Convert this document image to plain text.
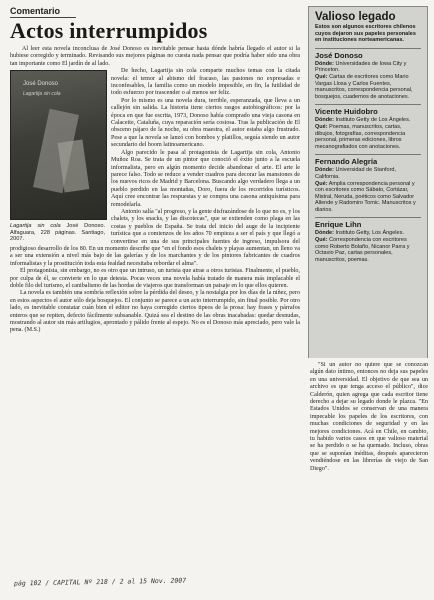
Comentario
Actos interrumpidos

Al leer esta novela inconclusa de José Donoso es inevitable pensar hasta dónde habría llegado el autor si la hubiese corregido y terminado. Revisando sus mejores páginas no cuesta nada pensar que podría haber sido una obra tan importante como El jardín de al lado.

José Donoso
Lagartija sin cola
Lagartija sin cola José Donoso. Alfaguara, 228 páginas. Santiago, 2007.

De hecho, Lagartija sin cola comparte muchos temas con la citada novela: el temor al abismo del fracaso, las pasiones no expresadas e inconfesables, la familia como un modelo imposible, en fin, la futilidad de todo esfuerzo por trascender o al menos ser feliz.

Por lo mismo es una novela dura, terrible, esperanzada, que lleva a un callejón sin salida. La historia tiene ciertos rasgos autobiográficos: por la época en que fue escrita, 1973, Donoso había comprado una vieja casona en Calaceite, Cataluña, cuya reparación sería costosa. Tras la publicación de El obsceno pájaro de la noche, su obra maestra, el autor estaba algo frustrado. Pese a que la novela se lanzó con bombos y platillos, seguía siendo un autor secundario del boom latinoamericano.

Algo parecido le pasa al protagonista de Lagartija sin cola, Antonio Muñoz Roa. Se trata de un pintor que conoció el éxito junto a la escuela informalista, pero en algún momento decide abandonar el arte. El arte le parece falso. Todo se reduce a vender cuadros para decorar las mansiones de los nuevos ricos de Madrid y Barcelona. Buscando algo verdadero llega a un pueblo perdido en las montañas, Doro, fuera de los recorridos turísticos. Aquí cree encontrar las respuestas y se compra una casona antiquísima para remodelarla.

Antonio salía "al progreso, y la gente disfrazándose de lo que no es, y los chalets, y los snacks, y las discotecas", que se extienden como plaga en las costas y pueblos de España. Se trata del inicio del auge de la incipiente turística que a comienzos de los años 70 empieza a ser el país y que llegó a convertirse en una de sus principales fuentes de ingreso, impulsora del prodigioso desarrollo de los 80. En un momento describe que "en el fondo esos chalets y playas aumentan, un lleno va a ser una extensión a nivel más bajo de las galerías y de los marchantes y de los pintores fabricantes de cuadros informalistas y la prostitución toda esta fealdad necesitaba rebordar el alma".

El protagonista, sin embargo, no es otro que un intruso, un turista que atrae a otros turistas. Finalmente, el pueblo, por culpa de él, se convierte en lo que detesta. Pocas veces una novela había tratado de manera más implacable el doble filo del turismo, el canibalismo de las hordas de viajeros que transforman un paisaje en lo que ellos quieren.

La novela es también una sombría reflexión sobre la pérdida del deseo, y la nostalgia por los días de la niñez, pero en estos aspectos el autor sólo deja bosquejos. El conjunto se parece a un acto interrumpido, sin final posible. Por otro lado, es inevitable constatar cuán bien el editor no haya corregido ciertos tipeos de la prosa: hay frases y párrafos enteros que se repiten, defecto fácilmente subsanable. Quizá sea el destino de las obras inacabadas: quedar desnudas, mostrando al autor sin más artilugios, aprontado y pálido frente al espejo. No es el Donoso más apreciado, pero vale la pena. (M.S.)

Valioso legado
Estos son algunos escritores chilenos cuyos dejaron sus papeles personales en instituciones norteamericanas.
José Donoso
Dónde: Universidades de Iowa City y Princeton.
Qué: Cartas de escritores como Mario Vargas Llosa y Carlos Fuentes, manuscritos, correspondencia personal, bosquejos, cuadernos de anotaciones.
Vicente Huidobro
Dónde: Instituto Getty de Los Ángeles.
Qué: Poemas, manuscritos, cartas, dibujos, fotografías, correspondencia personal, primeras ediciones, libros mecanografiados con anotaciones.
Fernando Alegría
Dónde: Universidad de Stanford, California.
Qué: Amplia correspondencia personal y con escritores como Sábato, Cortázar, Mistral, Neruda, poéticos como Salvador Allende y Radomiro Tomic. Manuscritos y diarios.
Enrique Lihn
Dónde: Instituto Getty, Los Ángeles.
Qué: Correspondencia con escritores como Roberto Bolaño, Nicanor Parra y Octavio Paz, cartas personales, manuscritos, poemas.

"Si un autor no quiere que se conozcan algún dato íntimo, entonces no deja sus papeles en una universidad. El objetivo de que sea un archivo es que tenga acceso el público", dice Calderón, quien agrega que cada escritor tiene derecho a dejar su legado donde le plazca. "En Estados Unidos se conservan de una manera impecable los papeles de los escritores, con muchas condiciones de seguridad y en las mejores condiciones. Acá en Chile, en cambio, tu habido varios casos en que valioso material se ha perdido o se ha quemado. Incluso, obras que se suponían inéditas, después aparecieron vendiéndose en las librerías de viejo de San Diego".

pág 102 / CAPITAL Nº 218 / 2 al 15 Nov. 2007
